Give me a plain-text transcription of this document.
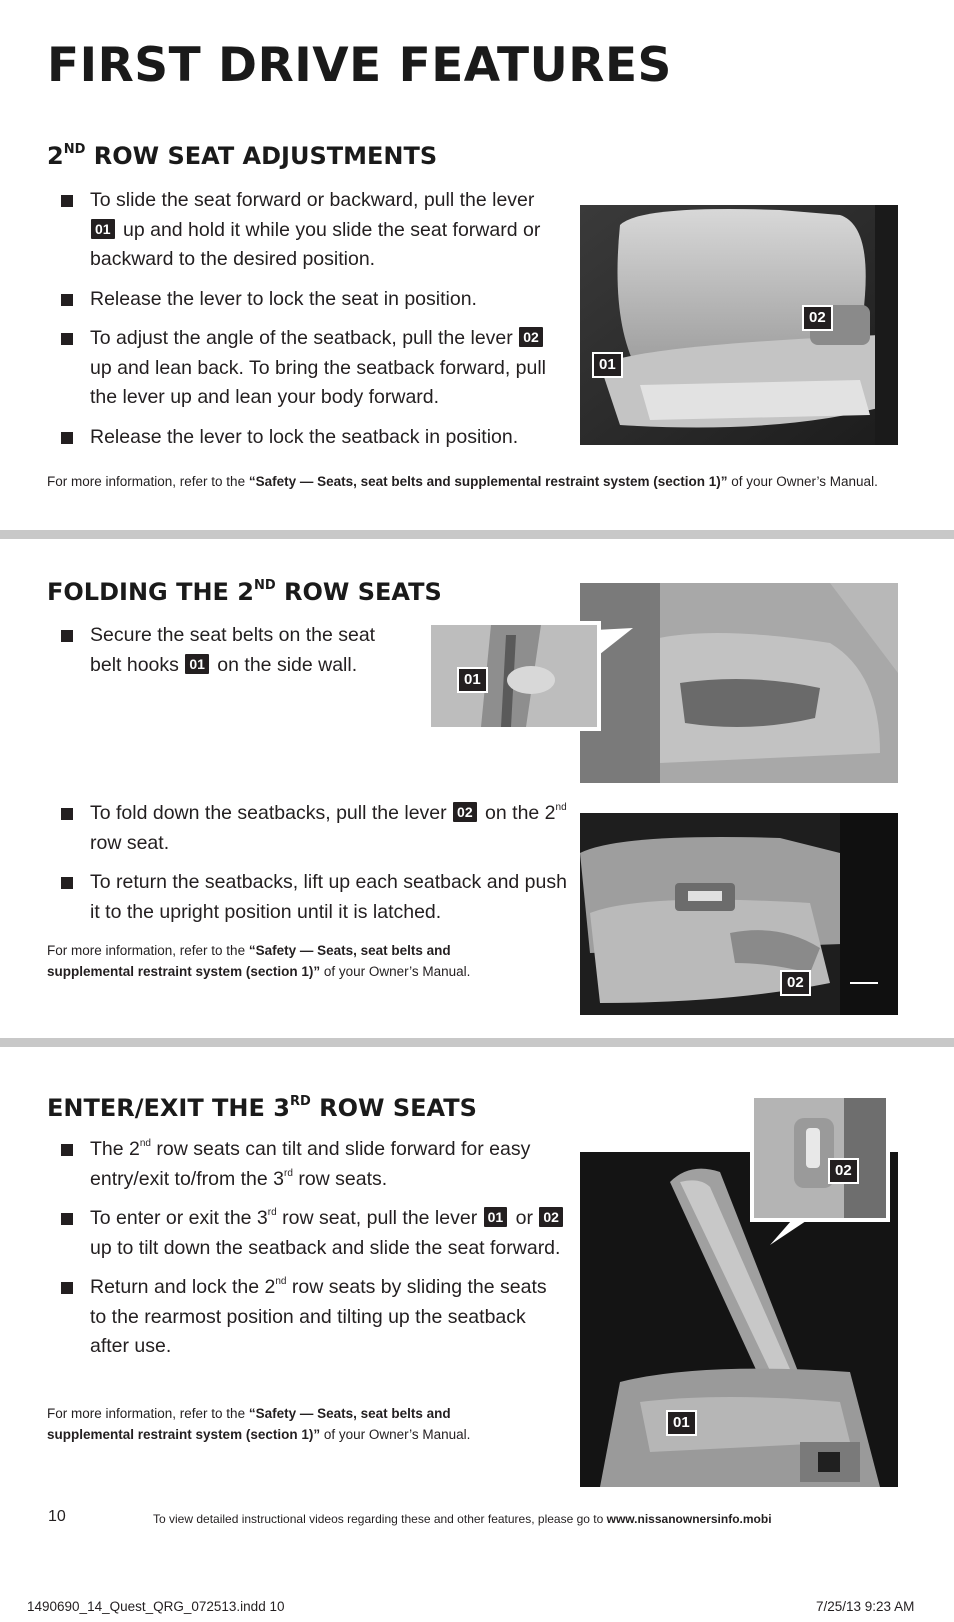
FIRST DRIVE FEATURES
2ND ROW SEAT ADJUSTMENTS
To slide the seat forward or backward, pull the lever 01 up and hold it while you slide the seat forward or backward to the desired position.
Release the lever to lock the seat in position.
To adjust the angle of the seatback, pull the lever 02 up and lean back. To bring the seatback forward, pull the lever up and lean your body forward.
Release the lever to lock the seatback in position.
02
01
For more information, refer to the “Safety — Seats, seat belts and supplemental restraint system (section 1)” of your Owner’s Manual.
FOLDING THE 2ND ROW SEATS
Secure the seat belts on the seat belt hooks 01 on the side wall.
01
To fold down the seatbacks, pull the lever 02 on the 2nd row seat.
To return the seatbacks, lift up each seatback and push it to the upright position until it is latched.
For more information, refer to the “Safety — Seats, seat belts and supplemental restraint system (section 1)” of your Owner’s Manual.
02
ENTER/EXIT THE 3RD ROW SEATS
The 2nd row seats can tilt and slide forward for easy entry/exit to/from the 3rd row seats.
To enter or exit the 3rd row seat, pull the lever 01 or 02 up to tilt down the seatback and slide the seat forward.
Return and lock the 2nd row seats by sliding the seats to the rearmost position and tilting up the seatback after use.
For more information, refer to the “Safety — Seats, seat belts and supplemental restraint system (section 1)” of your Owner’s Manual.
01
02
10	To view detailed instructional videos regarding these and other features, please go to www.nissanownersinfo.mobi
1490690_14_Quest_QRG_072513.indd 10	7/25/13 9:23 AM
